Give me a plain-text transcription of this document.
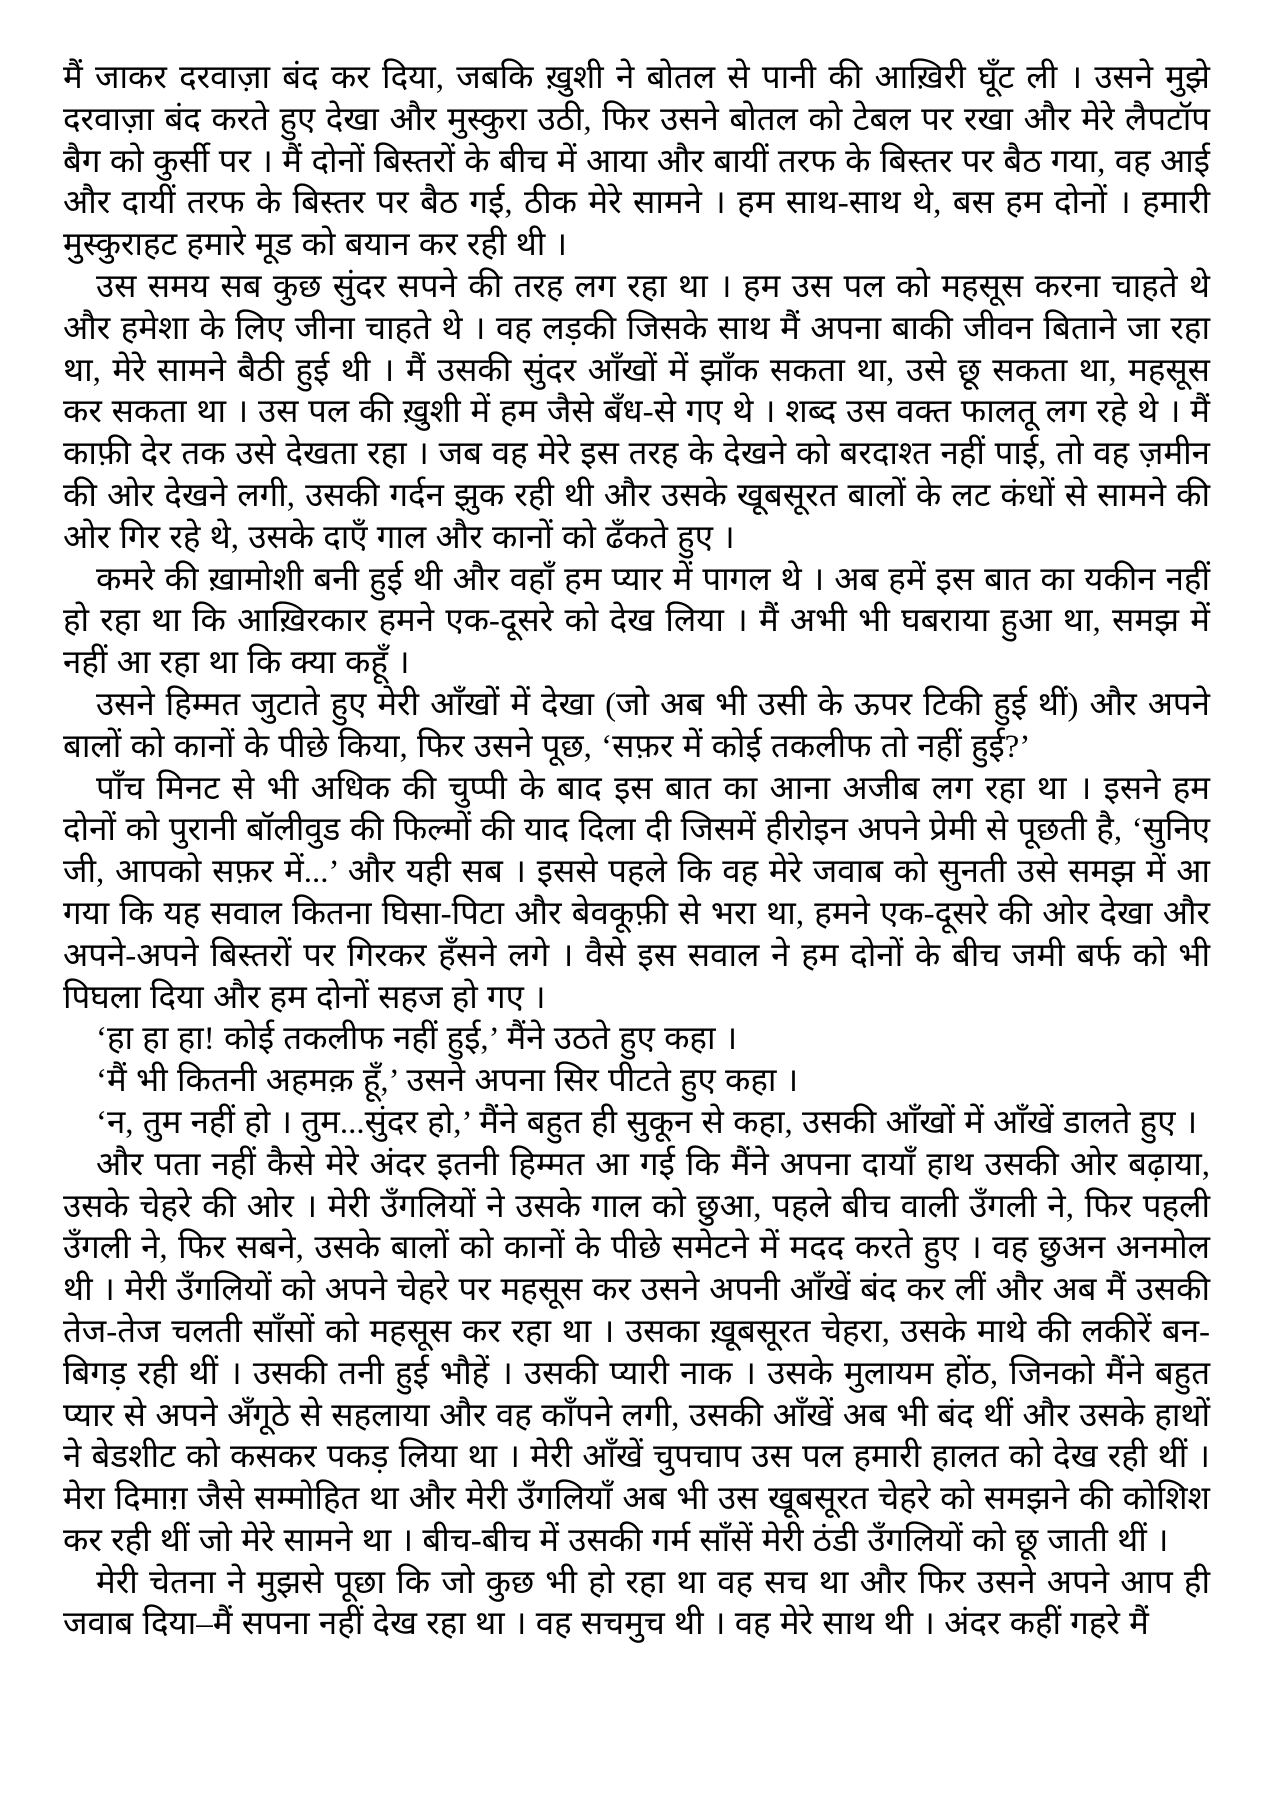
मैं जाकर दरवाज़ा बंद कर दिया, जबकि ख़ुशी ने बोतल से पानी की आख़िरी घूँट ली । उसने मुझे दरवाज़ा बंद करते हुए देखा और मुस्कुरा उठी, फिर उसने बोतल को टेबल पर रखा और मेरे लैपटॉप बैग को कुर्सी पर । मैं दोनों बिस्तरों के बीच में आया और बायीं तरफ के बिस्तर पर बैठ गया, वह आई और दायीं तरफ के बिस्तर पर बैठ गई, ठीक मेरे सामने । हम साथ-साथ थे, बस हम दोनों । हमारी मुस्कुराहट हमारे मूड को बयान कर रही थी ।

उस समय सब कुछ सुंदर सपने की तरह लग रहा था । हम उस पल को महसूस करना चाहते थे और हमेशा के लिए जीना चाहते थे । वह लड़की जिसके साथ मैं अपना बाकी जीवन बिताने जा रहा था, मेरे सामने बैठी हुई थी । मैं उसकी सुंदर आँखों में झाँक सकता था, उसे छू सकता था, महसूस कर सकता था । उस पल की ख़ुशी में हम जैसे बँध-से गए थे । शब्द उस वक्त फालतू लग रहे थे । मैं काफ़ी देर तक उसे देखता रहा । जब वह मेरे इस तरह के देखने को बरदाश्त नहीं पाई, तो वह ज़मीन की ओर देखने लगी, उसकी गर्दन झुक रही थी और उसके खूबसूरत बालों के लट कंधों से सामने की ओर गिर रहे थे, उसके दाएँ गाल और कानों को ढँकते हुए ।

कमरे की ख़ामोशी बनी हुई थी और वहाँ हम प्यार में पागल थे । अब हमें इस बात का यकीन नहीं हो रहा था कि आख़िरकार हमने एक-दूसरे को देख लिया । मैं अभी भी घबराया हुआ था, समझ में नहीं आ रहा था कि क्या कहूँ ।

उसने हिम्मत जुटाते हुए मेरी आँखों में देखा (जो अब भी उसी के ऊपर टिकी हुई थीं) और अपने बालों को कानों के पीछे किया, फिर उसने पूछ, ‘सफ़र में कोई तकलीफ तो नहीं हुई?’

पाँच मिनट से भी अधिक की चुप्पी के बाद इस बात का आना अजीब लग रहा था । इसने हम दोनों को पुरानी बॉलीवुड की फिल्मों की याद दिला दी जिसमें हीरोइन अपने प्रेमी से पूछती है, ‘सुनिए जी, आपको सफ़र में...’ और यही सब । इससे पहले कि वह मेरे जवाब को सुनती उसे समझ में आ गया कि यह सवाल कितना घिसा-पिटा और बेवकूफ़ी से भरा था, हमने एक-दूसरे की ओर देखा और अपने-अपने बिस्तरों पर गिरकर हँसने लगे । वैसे इस सवाल ने हम दोनों के बीच जमी बर्फ को भी पिघला दिया और हम दोनों सहज हो गए ।

‘हा हा हा! कोई तकलीफ नहीं हुई,’ मैंने उठते हुए कहा ।

‘मैं भी कितनी अहमक़ हूँ,’ उसने अपना सिर पीटते हुए कहा ।

‘न, तुम नहीं हो । तुम...सुंदर हो,’ मैंने बहुत ही सुकून से कहा, उसकी आँखों में आँखें डालते हुए ।

और पता नहीं कैसे मेरे अंदर इतनी हिम्मत आ गई कि मैंने अपना दायाँ हाथ उसकी ओर बढ़ाया, उसके चेहरे की ओर । मेरी उँगलियों ने उसके गाल को छुआ, पहले बीच वाली उँगली ने, फिर पहली उँगली ने, फिर सबने, उसके बालों को कानों के पीछे समेटने में मदद करते हुए । वह छुअन अनमोल थी । मेरी उँगलियों को अपने चेहरे पर महसूस कर उसने अपनी आँखें बंद कर लीं और अब मैं उसकी तेज-तेज चलती साँसों को महसूस कर रहा था । उसका ख़ूबसूरत चेहरा, उसके माथे की लकीरें बन-बिगड़ रही थीं । उसकी तनी हुई भौहें । उसकी प्यारी नाक । उसके मुलायम होंठ, जिनको मैंने बहुत प्यार से अपने अँगूठे से सहलाया और वह काँपने लगी, उसकी आँखें अब भी बंद थीं और उसके हाथों ने बेडशीट को कसकर पकड़ लिया था । मेरी आँखें चुपचाप उस पल हमारी हालत को देख रही थीं । मेरा दिमाग़ जैसे सम्मोहित था और मेरी उँगलियाँ अब भी उस खूबसूरत चेहरे को समझने की कोशिश कर रही थीं जो मेरे सामने था । बीच-बीच में उसकी गर्म साँसें मेरी ठंडी उँगलियों को छू जाती थीं ।

मेरी चेतना ने मुझसे पूछा कि जो कुछ भी हो रहा था वह सच था और फिर उसने अपने आप ही जवाब दिया–मैं सपना नहीं देख रहा था । वह सचमुच थी । वह मेरे साथ थी । अंदर कहीं गहरे मैं
